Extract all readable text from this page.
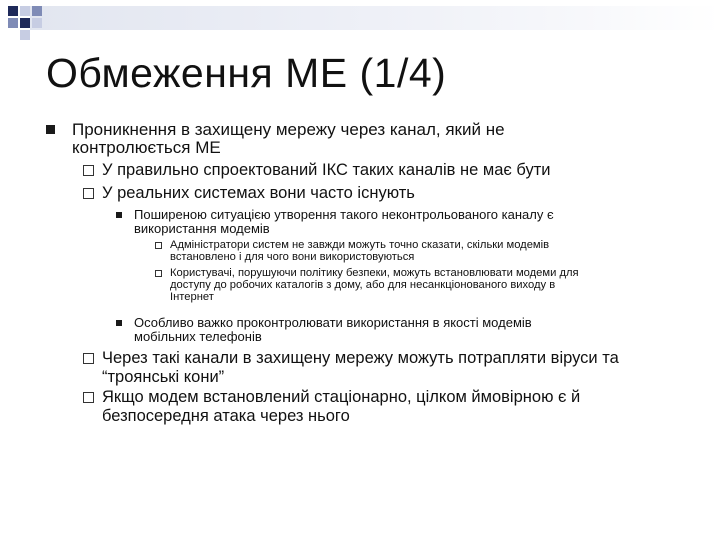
Обмеження МЕ (1/4)
Проникнення в захищену мережу через канал, який не
контролюється МЕ
У правильно спроектований ІКС таких каналів не має бути
У реальних системах вони часто існують
Поширеною ситуацією утворення такого неконтрольованого каналу є
використання модемів
Адміністратори систем не завжди можуть точно сказати, скільки модемів
встановлено і для чого вони використовуються
Користувачі, порушуючи політику безпеки, можуть встановлювати модеми для
доступу до робочих каталогів з дому, або для несанкціонованого виходу в
Інтернет
Особливо важко проконтролювати використання в якості модемів
мобільних телефонів
Через такі канали в захищену мережу можуть потрапляти віруси та
“троянські кони”
Якщо модем встановлений стаціонарно, цілком ймовірною є й
безпосередня атака через нього
